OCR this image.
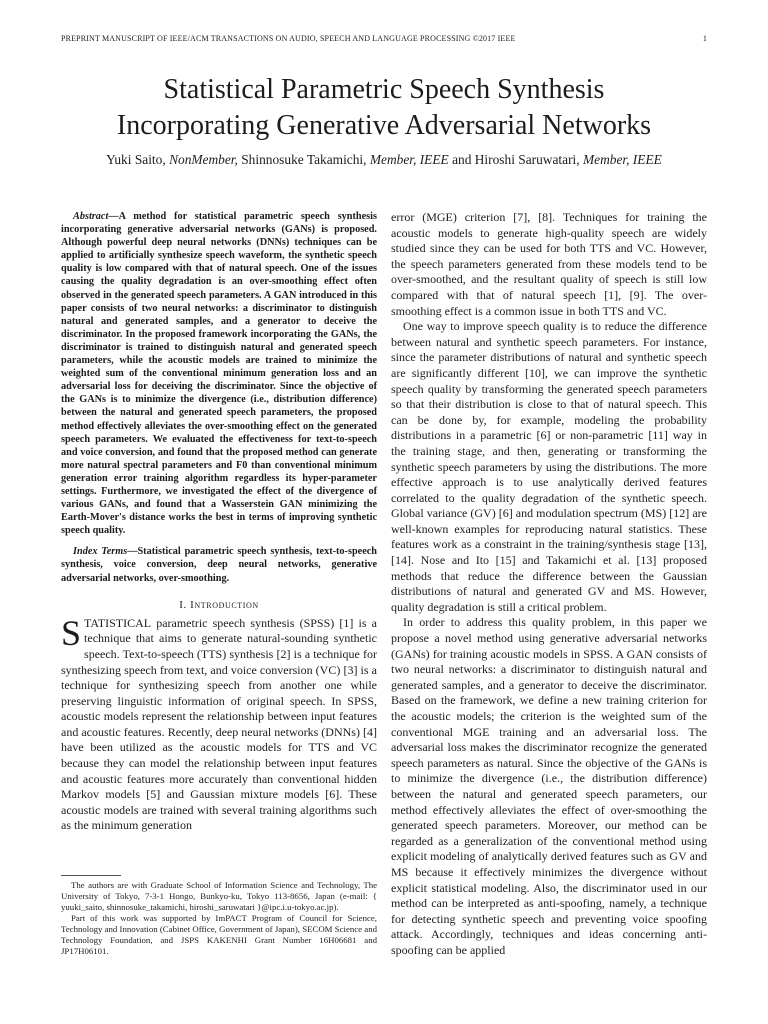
PREPRINT MANUSCRIPT OF IEEE/ACM TRANSACTIONS ON AUDIO, SPEECH AND LANGUAGE PROCESSING ©2017 IEEE	1
Statistical Parametric Speech Synthesis
Incorporating Generative Adversarial Networks
Yuki Saito, NonMember, Shinnosuke Takamichi, Member, IEEE and Hiroshi Saruwatari, Member, IEEE

Abstract—A method for statistical parametric speech synthesis incorporating generative adversarial networks (GANs) is proposed. Although powerful deep neural networks (DNNs) techniques can be applied to artificially synthesize speech waveform, the synthetic speech quality is low compared with that of natural speech. One of the issues causing the quality degradation is an over-smoothing effect often observed in the generated speech parameters. A GAN introduced in this paper consists of two neural networks: a discriminator to distinguish natural and generated samples, and a generator to deceive the discriminator. In the proposed framework incorporating the GANs, the discriminator is trained to distinguish natural and generated speech parameters, while the acoustic models are trained to minimize the weighted sum of the conventional minimum generation loss and an adversarial loss for deceiving the discriminator. Since the objective of the GANs is to minimize the divergence (i.e., distribution difference) between the natural and generated speech parameters, the proposed method effectively alleviates the over-smoothing effect on the generated speech parameters. We evaluated the effectiveness for text-to-speech and voice conversion, and found that the proposed method can generate more natural spectral parameters and F0 than conventional minimum generation error training algorithm regardless its hyper-parameter settings. Furthermore, we investigated the effect of the divergence of various GANs, and found that a Wasserstein GAN minimizing the Earth-Mover's distance works the best in terms of improving synthetic speech quality.

Index Terms—Statistical parametric speech synthesis, text-to-speech synthesis, voice conversion, deep neural networks, generative adversarial networks, over-smoothing.

I. Introduction

STATISTICAL parametric speech synthesis (SPSS) [1] is a technique that aims to generate natural-sounding synthetic speech. Text-to-speech (TTS) synthesis [2] is a technique for synthesizing speech from text, and voice conversion (VC) [3] is a technique for synthesizing speech from another one while preserving linguistic information of original speech. In SPSS, acoustic models represent the relationship between input features and acoustic features. Recently, deep neural networks (DNNs) [4] have been utilized as the acoustic models for TTS and VC because they can model the relationship between input features and acoustic features more accurately than conventional hidden Markov models [5] and Gaussian mixture models [6]. These acoustic models are trained with several training algorithms such as the minimum generation

The authors are with Graduate School of Information Science and Technology, The University of Tokyo, 7-3-1 Hongo, Bunkyo-ku, Tokyo 113-8656, Japan (e-mail: { yuuki_saito, shinnosuke_takamichi, hiroshi_saruwatari }@ipc.i.u-tokyo.ac.jp).

Part of this work was supported by ImPACT Program of Council for Science, Technology and Innovation (Cabinet Office, Government of Japan), SECOM Science and Technology Foundation, and JSPS KAKENHI Grant Number 16H06681 and JP17H06101.

error (MGE) criterion [7], [8]. Techniques for training the acoustic models to generate high-quality speech are widely studied since they can be used for both TTS and VC. However, the speech parameters generated from these models tend to be over-smoothed, and the resultant quality of speech is still low compared with that of natural speech [1], [9]. The over-smoothing effect is a common issue in both TTS and VC.

One way to improve speech quality is to reduce the difference between natural and synthetic speech parameters. For instance, since the parameter distributions of natural and synthetic speech are significantly different [10], we can improve the synthetic speech quality by transforming the generated speech parameters so that their distribution is close to that of natural speech. This can be done by, for example, modeling the probability distributions in a parametric [6] or non-parametric [11] way in the training stage, and then, generating or transforming the synthetic speech parameters by using the distributions. The more effective approach is to use analytically derived features correlated to the quality degradation of the synthetic speech. Global variance (GV) [6] and modulation spectrum (MS) [12] are well-known examples for reproducing natural statistics. These features work as a constraint in the training/synthesis stage [13], [14]. Nose and Ito [15] and Takamichi et al. [13] proposed methods that reduce the difference between the Gaussian distributions of natural and generated GV and MS. However, quality degradation is still a critical problem.

In order to address this quality problem, in this paper we propose a novel method using generative adversarial networks (GANs) for training acoustic models in SPSS. A GAN consists of two neural networks: a discriminator to distinguish natural and generated samples, and a generator to deceive the discriminator. Based on the framework, we define a new training criterion for the acoustic models; the criterion is the weighted sum of the conventional MGE training and an adversarial loss. The adversarial loss makes the discriminator recognize the generated speech parameters as natural. Since the objective of the GANs is to minimize the divergence (i.e., the distribution difference) between the natural and generated speech parameters, our method effectively alleviates the effect of over-smoothing the generated speech parameters. Moreover, our method can be regarded as a generalization of the conventional method using explicit modeling of analytically derived features such as GV and MS because it effectively minimizes the divergence without explicit statistical modeling. Also, the discriminator used in our method can be interpreted as anti-spoofing, namely, a technique for detecting synthetic speech and preventing voice spoofing attack. Accordingly, techniques and ideas concerning anti-spoofing can be applied
